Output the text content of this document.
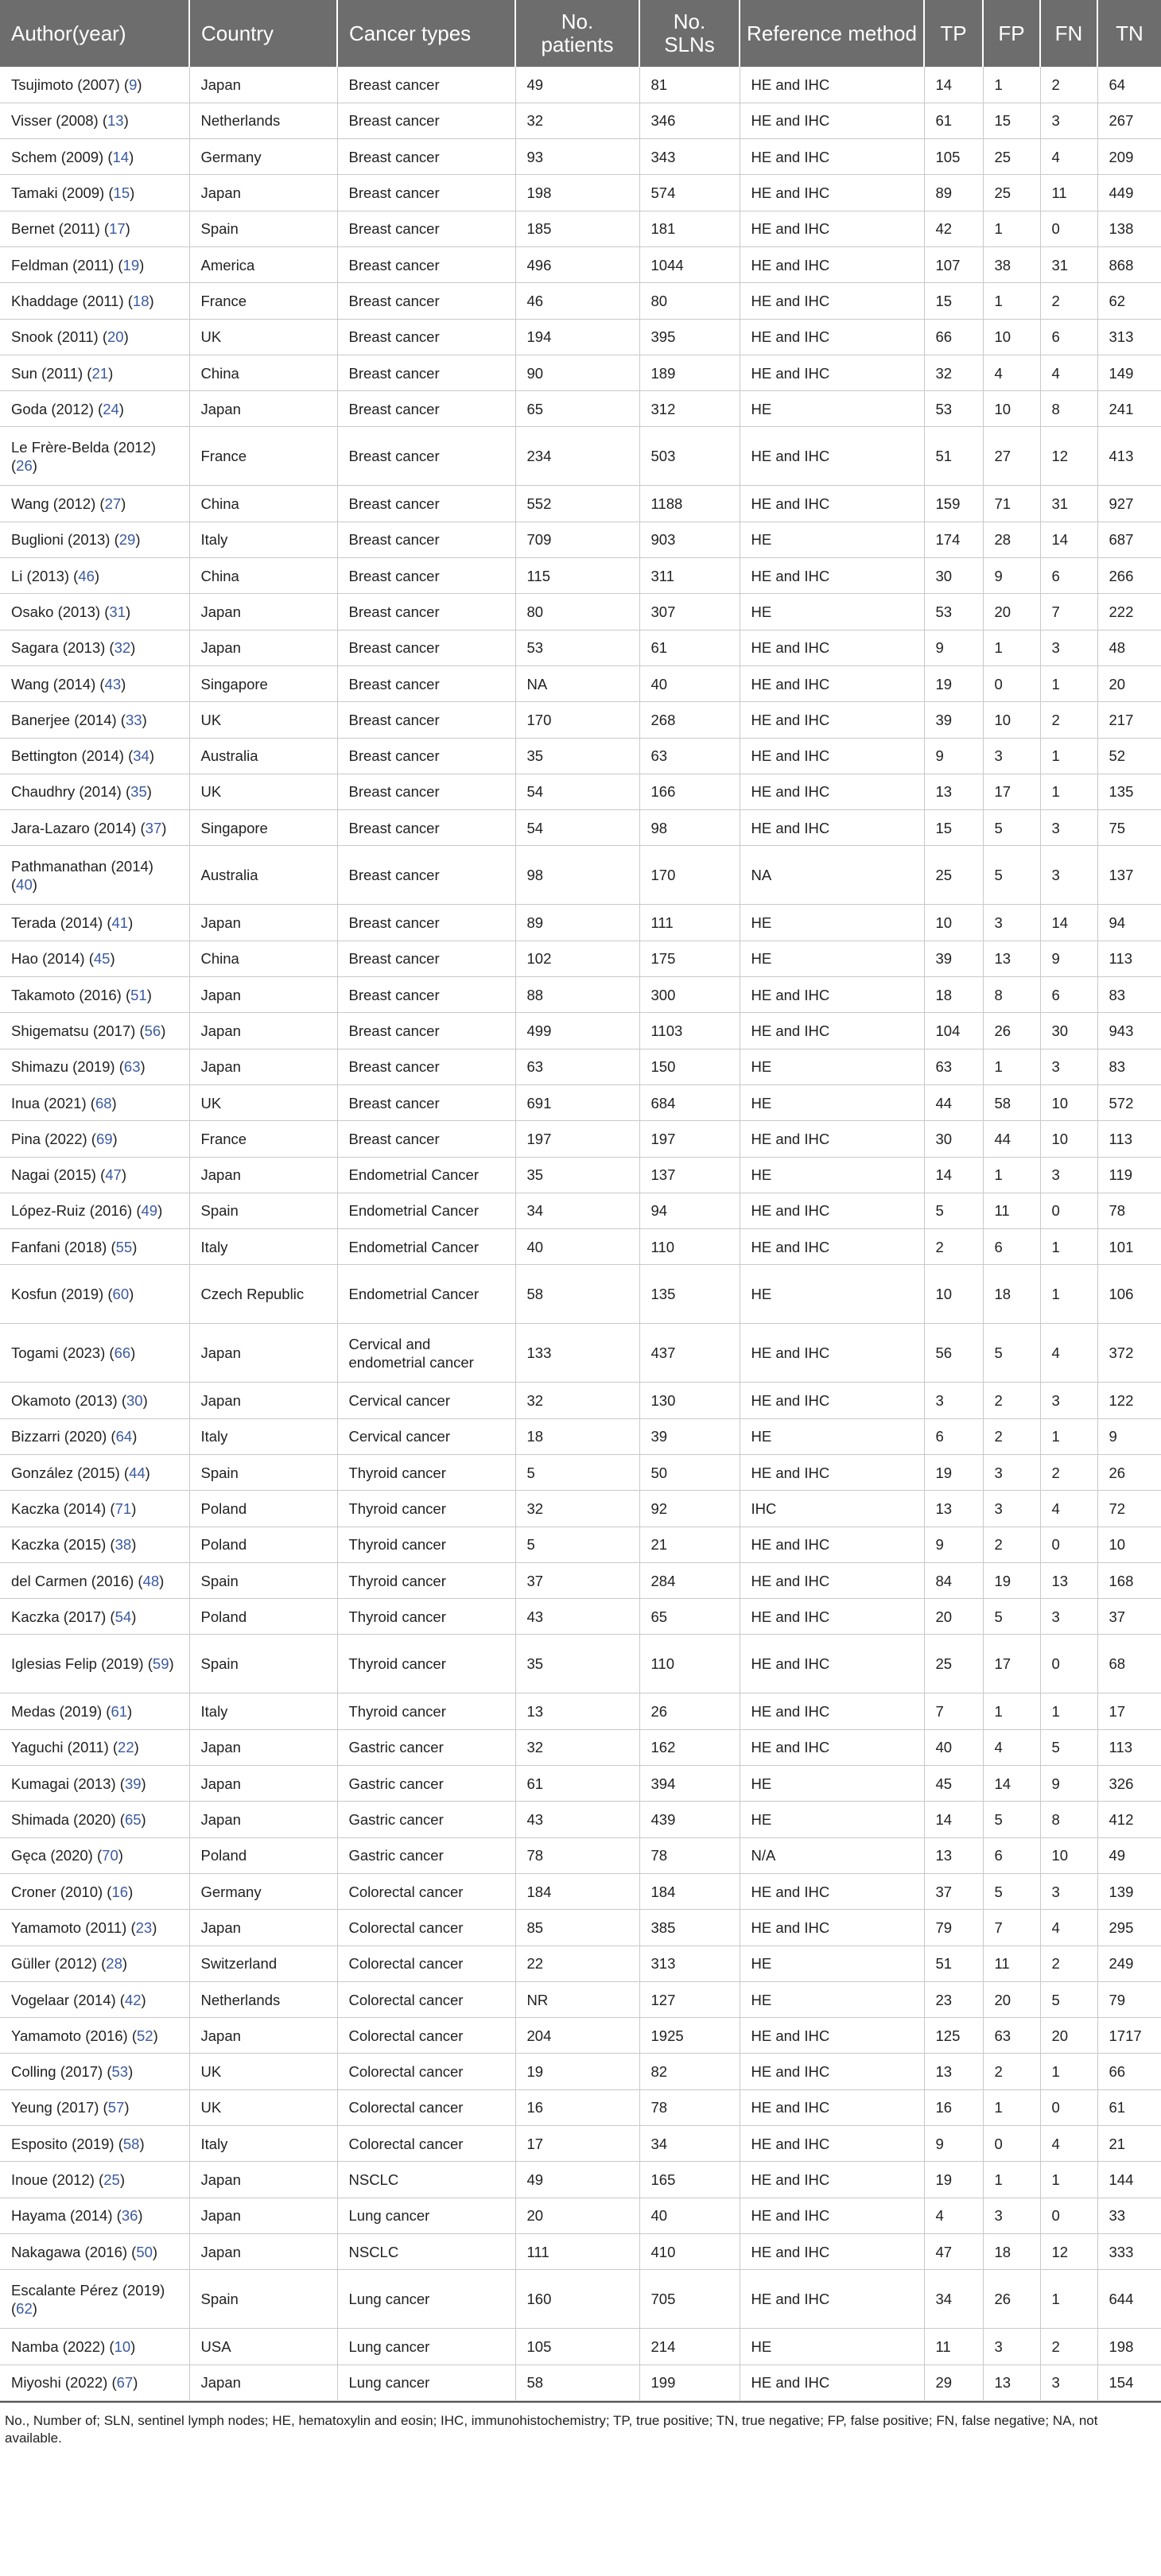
Author(year)	Country	Cancer types	No. patients	No. SLNs	Reference method	TP	FP	FN	TN
Tsujimoto (2007) (9)	Japan	Breast cancer	49	81	HE and IHC	14	1	2	64
Visser (2008) (13)	Netherlands	Breast cancer	32	346	HE and IHC	61	15	3	267
Schem (2009) (14)	Germany	Breast cancer	93	343	HE and IHC	105	25	4	209
Tamaki (2009) (15)	Japan	Breast cancer	198	574	HE and IHC	89	25	11	449
Bernet (2011) (17)	Spain	Breast cancer	185	181	HE and IHC	42	1	0	138
Feldman (2011) (19)	America	Breast cancer	496	1044	HE and IHC	107	38	31	868
Khaddage (2011) (18)	France	Breast cancer	46	80	HE and IHC	15	1	2	62
Snook (2011) (20)	UK	Breast cancer	194	395	HE and IHC	66	10	6	313
Sun (2011) (21)	China	Breast cancer	90	189	HE and IHC	32	4	4	149
Goda (2012) (24)	Japan	Breast cancer	65	312	HE	53	10	8	241
Le Frère-Belda (2012) (26)	France	Breast cancer	234	503	HE and IHC	51	27	12	413
Wang (2012) (27)	China	Breast cancer	552	1188	HE and IHC	159	71	31	927
Buglioni (2013) (29)	Italy	Breast cancer	709	903	HE	174	28	14	687
Li (2013) (46)	China	Breast cancer	115	311	HE and IHC	30	9	6	266
Osako (2013) (31)	Japan	Breast cancer	80	307	HE	53	20	7	222
Sagara (2013) (32)	Japan	Breast cancer	53	61	HE and IHC	9	1	3	48
Wang (2014) (43)	Singapore	Breast cancer	NA	40	HE and IHC	19	0	1	20
Banerjee (2014) (33)	UK	Breast cancer	170	268	HE and IHC	39	10	2	217
Bettington (2014) (34)	Australia	Breast cancer	35	63	HE and IHC	9	3	1	52
Chaudhry (2014) (35)	UK	Breast cancer	54	166	HE and IHC	13	17	1	135
Jara-Lazaro (2014) (37)	Singapore	Breast cancer	54	98	HE and IHC	15	5	3	75
Pathmanathan (2014) (40)	Australia	Breast cancer	98	170	NA	25	5	3	137
Terada (2014) (41)	Japan	Breast cancer	89	111	HE	10	3	14	94
Hao (2014) (45)	China	Breast cancer	102	175	HE	39	13	9	113
Takamoto (2016) (51)	Japan	Breast cancer	88	300	HE and IHC	18	8	6	83
Shigematsu (2017) (56)	Japan	Breast cancer	499	1103	HE and IHC	104	26	30	943
Shimazu (2019) (63)	Japan	Breast cancer	63	150	HE	63	1	3	83
Inua (2021) (68)	UK	Breast cancer	691	684	HE	44	58	10	572
Pina (2022) (69)	France	Breast cancer	197	197	HE and IHC	30	44	10	113
Nagai (2015) (47)	Japan	Endometrial Cancer	35	137	HE	14	1	3	119
López-Ruiz (2016) (49)	Spain	Endometrial Cancer	34	94	HE and IHC	5	11	0	78
Fanfani (2018) (55)	Italy	Endometrial Cancer	40	110	HE and IHC	2	6	1	101
Kosfun (2019) (60)	Czech Republic	Endometrial Cancer	58	135	HE	10	18	1	106
Togami (2023) (66)	Japan	Cervical and endometrial cancer	133	437	HE and IHC	56	5	4	372
Okamoto (2013) (30)	Japan	Cervical cancer	32	130	HE and IHC	3	2	3	122
Bizzarri (2020) (64)	Italy	Cervical cancer	18	39	HE	6	2	1	9
González (2015) (44)	Spain	Thyroid cancer	5	50	HE and IHC	19	3	2	26
Kaczka (2014) (71)	Poland	Thyroid cancer	32	92	IHC	13	3	4	72
Kaczka (2015) (38)	Poland	Thyroid cancer	5	21	HE and IHC	9	2	0	10
del Carmen (2016) (48)	Spain	Thyroid cancer	37	284	HE and IHC	84	19	13	168
Kaczka (2017) (54)	Poland	Thyroid cancer	43	65	HE and IHC	20	5	3	37
Iglesias Felip (2019) (59)	Spain	Thyroid cancer	35	110	HE and IHC	25	17	0	68
Medas (2019) (61)	Italy	Thyroid cancer	13	26	HE and IHC	7	1	1	17
Yaguchi (2011) (22)	Japan	Gastric cancer	32	162	HE and IHC	40	4	5	113
Kumagai (2013) (39)	Japan	Gastric cancer	61	394	HE	45	14	9	326
Shimada (2020) (65)	Japan	Gastric cancer	43	439	HE	14	5	8	412
Gęca (2020) (70)	Poland	Gastric cancer	78	78	N/A	13	6	10	49
Croner (2010) (16)	Germany	Colorectal cancer	184	184	HE and IHC	37	5	3	139
Yamamoto (2011) (23)	Japan	Colorectal cancer	85	385	HE and IHC	79	7	4	295
Güller (2012) (28)	Switzerland	Colorectal cancer	22	313	HE	51	11	2	249
Vogelaar (2014) (42)	Netherlands	Colorectal cancer	NR	127	HE	23	20	5	79
Yamamoto (2016) (52)	Japan	Colorectal cancer	204	1925	HE and IHC	125	63	20	1717
Colling (2017) (53)	UK	Colorectal cancer	19	82	HE and IHC	13	2	1	66
Yeung (2017) (57)	UK	Colorectal cancer	16	78	HE and IHC	16	1	0	61
Esposito (2019) (58)	Italy	Colorectal cancer	17	34	HE and IHC	9	0	4	21
Inoue (2012) (25)	Japan	NSCLC	49	165	HE and IHC	19	1	1	144
Hayama (2014) (36)	Japan	Lung cancer	20	40	HE and IHC	4	3	0	33
Nakagawa (2016) (50)	Japan	NSCLC	111	410	HE and IHC	47	18	12	333
Escalante Pérez (2019) (62)	Spain	Lung cancer	160	705	HE and IHC	34	26	1	644
Namba (2022) (10)	USA	Lung cancer	105	214	HE	11	3	2	198
Miyoshi (2022) (67)	Japan	Lung cancer	58	199	HE and IHC	29	13	3	154
No., Number of; SLN, sentinel lymph nodes; HE, hematoxylin and eosin; IHC, immunohistochemistry; TP, true positive; TN, true negative; FP, false positive; FN, false negative; NA, not available.
